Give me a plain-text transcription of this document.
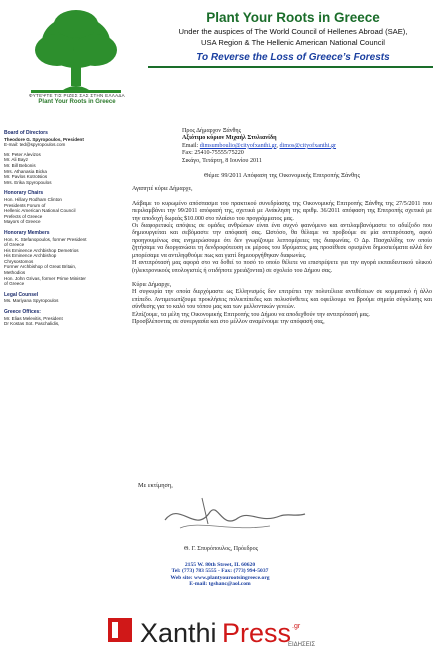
ΦΥΤΕΨΤΕ ΤΙΣ ΡΙΖΕΣ ΣΑΣ ΣΤΗΝ ΕΛΛΑΔΑ
Plant Your Roots in Greece
Plant Your Roots in Greece
Under the auspices of The World Council of Hellenes Abroad (SAE),
USA Region & The Hellenic American National Council
To Reverse the Loss of Greece’s Forests
Board of Directors
Theodore G. Spyropoulos, President
E-mail: ted@spyropoulos.com
Mr. Peter Alevizos
Mr. Ali Bayz
Mr. Bill Bebonis
Mrs. Athanasia Bicka
Mr. Pavlos Kotrotsios
Mrs. Erika Spyropoulos
Honorary Chairs
Hon. Hillary Rodham Clinton
Presidents Forum of
Hellenic American National Council
Prefects of Greece
Mayors of Greece
Honorary Members
Hon. K. Stefanopoulos, former President
of Greece
His Eminence Archbishop Demetrios
His Eminence Archbishop
Chrysostomos
Former Archbishop of Great Britain,
Methodios
Hon. John Grivas, former Prime Minister
of Greece
Legal Counsel
Ms. Mariyana Spyropoulos
Greece Offices:
Mr. Elias Melevitis, President
Dr Kostas Sot. Paschalidis,
Προς Δήμαρχον Ξάνθης
Αξιότιμο κύριον Μιχαήλ Στυλιανίδη
Email: dimsumboulio@cityofxanthi.gr, dimos@cityofxanthi.gr
Fax: 25410-75555/75220
Σικάγο, Τετάρτη, 8 Ιουνίου 2011
Θέμα: 99/2011 Απόφαση της Οικονομικής Επιτροπής Ξάνθης

Αγαπητέ κύριε Δήμαρχε,

Λάβαμε το κυρωμένο απόσπασμα του πρακτικού συνεδρίασης της Οικονομικής Επιτροπής Ξάνθης της 27/5/2011 που περιλαμβάνει την 99/2011 απόφασή της, σχετικά με Ανάκληση της αριθμ. 36/2011 απόφαση της Επιτροπής σχετικά με την αποδοχή δωρεάς $10.000 στο πλαίσιο του προγράμματος μας.

Οι διαφορετικές απόψεις σε ομάδες ανθρώπων είναι ένα συχνό φαινόμενο και αντιλαμβανόμαστε το αδιέξοδο που δημιουργείται και σεβόμαστε την απόφασή σας. Ωστόσο, θα θέλαμε να προβούμε σε μία αντιπρόταση, αφού προηγουμένως σας ενημερώσουμε ότι δεν γνωρίζουμε λεπτομέρειες της διαφωνίας. Ο Δρ. Πασχαλίδης τον οποίο ζητήσαμε να διοργανώσει τη δενδροφύτευση εκ μέρους του Ιδρύματος μας προσέθεσε ορισμένα δημοσιεύματα αλλά δεν μπορέσαμε να αντιληφθούμε πως και γιατί δημιουργήθηκαν διαφωνίες.

Η αντιπρότασή μας αφορά στο να δοθεί το ποσό το οποίο θέλετε να επιστρέψετε για την αγορά εκπαιδευτικού υλικού (ηλεκτρονικούς υπολογιστές ή οτιδήποτε χρειάζονται) σε σχολείο του Δήμου σας.

Κύριε Δήμαρχε,

Η συγκυρία την οποία διερχόμαστε ως Ελληνισμός δεν επιτρέπει την πολυτέλεια αντιθέσεων σε κομματικό ή άλλο επίπεδο. Αντιμετωπίζουμε προκλήσεις πολυεπίπεδες και πολυσύνθετες και οφείλουμε να βρούμε σημεία σύγκλισης και σύνθεσης για το καλό του τόπου μας και των μελλοντικών γενεών.

Ελπίζουμε, τα μέλη της Οικονομικής Επιτροπής του Δήμου να αποδεχθούν την αντιπρότασή μας.

Προσβλέποντας σε συνεργασία και στο μέλλον αναμένουμε την απόφασή σας,

Με εκτίμηση,
Θ. Γ. Σπυρόπουλος, Πρόεδρος
2155 W. 80th Street, IL 60620
Tel: (773) 783 5555 - Fax: (773) 994-5037
Web site: www.plantyourootsingreece.org
E-mail: tgshanc@aol.com
Xanthi Press .gr
ΕΙΔΗΣΕΙΣ
